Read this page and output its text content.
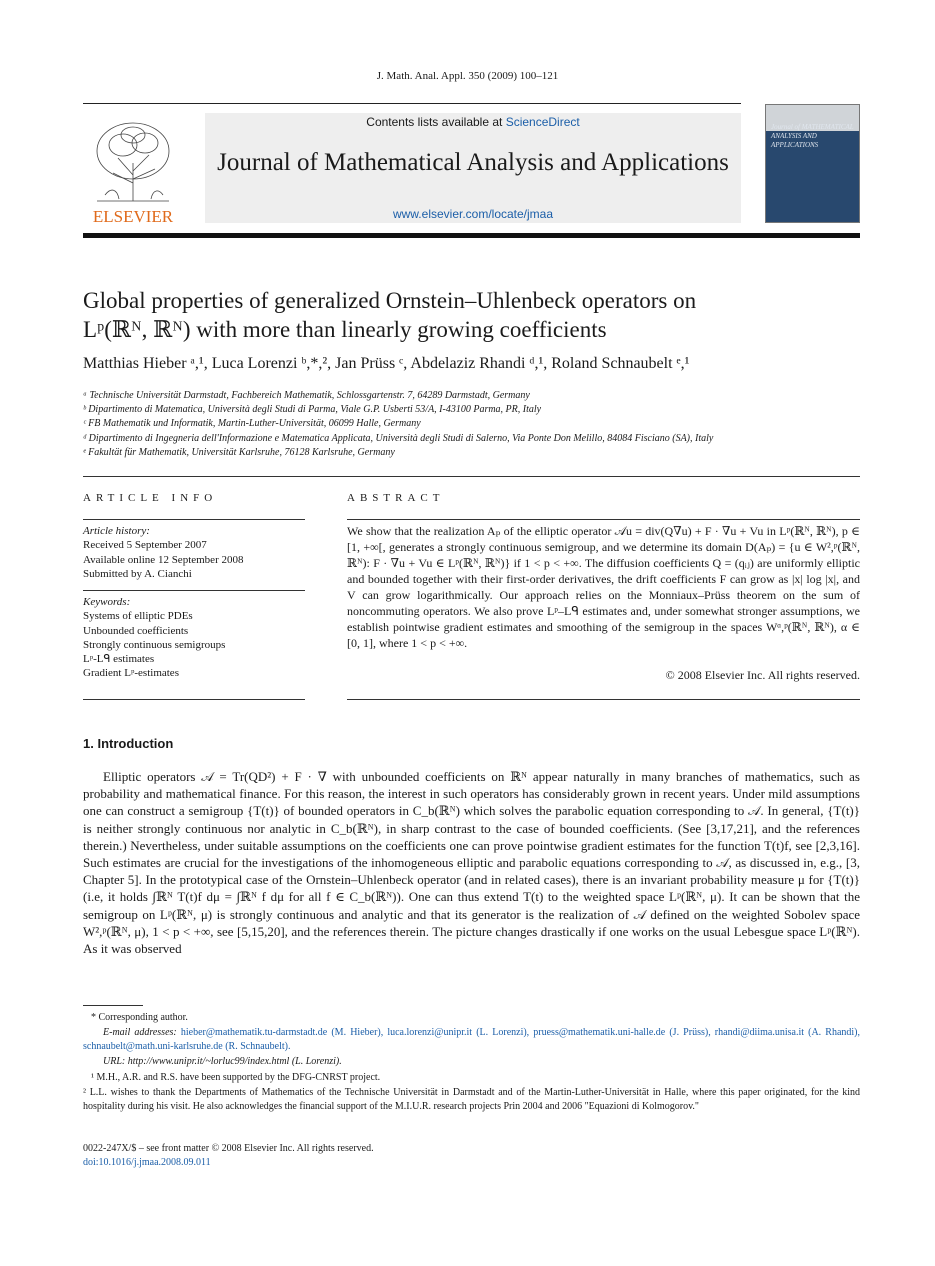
J. Math. Anal. Appl. 350 (2009) 100–121
ELSEVIER
Contents lists available at ScienceDirect
Journal of Mathematical Analysis and Applications
www.elsevier.com/locate/jmaa
Journal of MATHEMATICAL ANALYSIS AND APPLICATIONS
Global properties of generalized Ornstein–Uhlenbeck operators on
Lᵖ(ℝᴺ, ℝᴺ) with more than linearly growing coefficients
Matthias Hieber ᵃ,¹, Luca Lorenzi ᵇ,*,², Jan Prüss ᶜ, Abdelaziz Rhandi ᵈ,¹, Roland Schnaubelt ᵉ,¹
ᵃ Technische Universität Darmstadt, Fachbereich Mathematik, Schlossgartenstr. 7, 64289 Darmstadt, Germany
ᵇ Dipartimento di Matematica, Università degli Studi di Parma, Viale G.P. Usberti 53/A, I-43100 Parma, PR, Italy
ᶜ FB Mathematik und Informatik, Martin-Luther-Universität, 06099 Halle, Germany
ᵈ Dipartimento di Ingegneria dell'Informazione e Matematica Applicata, Università degli Studi di Salerno, Via Ponte Don Melillo, 84084 Fisciano (SA), Italy
ᵉ Fakultät für Mathematik, Universität Karlsruhe, 76128 Karlsruhe, Germany
ARTICLE INFO
Article history:
Received 5 September 2007
Available online 12 September 2008
Submitted by A. Cianchi
Keywords:
Systems of elliptic PDEs
Unbounded coefficients
Strongly continuous semigroups
Lᵖ-Lᑫ estimates
Gradient Lᵖ-estimates
ABSTRACT
We show that the realization Aₚ of the elliptic operator 𝒜u = div(Q∇u) + F · ∇u + Vu in Lᵖ(ℝᴺ, ℝᴺ), p ∈ [1, +∞[, generates a strongly continuous semigroup, and we determine its domain D(Aₚ) = {u ∈ W²,ᵖ(ℝᴺ, ℝᴺ): F · ∇u + Vu ∈ Lᵖ(ℝᴺ, ℝᴺ)} if 1 < p < +∞. The diffusion coefficients Q = (qᵢⱼ) are uniformly elliptic and bounded together with their first-order derivatives, the drift coefficients F can grow as |x| log |x|, and V can grow logarithmically. Our approach relies on the Monniaux–Prüss theorem on the sum of noncommuting operators. We also prove Lᵖ–Lᑫ estimates and, under somewhat stronger assumptions, we establish pointwise gradient estimates and smoothing of the semigroup in the spaces Wᵅ,ᵖ(ℝᴺ, ℝᴺ), α ∈ [0, 1], where 1 < p < +∞.
© 2008 Elsevier Inc. All rights reserved.
1. Introduction
Elliptic operators 𝒜 = Tr(QD²) + F · ∇ with unbounded coefficients on ℝᴺ appear naturally in many branches of mathematics, such as probability and mathematical finance. For this reason, the interest in such operators has considerably grown in recent years. Under mild assumptions one can construct a semigroup {T(t)} of bounded operators in C_b(ℝᴺ) which solves the parabolic equation corresponding to 𝒜. In general, {T(t)} is neither strongly continuous nor analytic in C_b(ℝᴺ), in sharp contrast to the case of bounded coefficients. (See [3,17,21], and the references therein.) Nevertheless, under suitable assumptions on the coefficients one can prove pointwise gradient estimates for the function T(t)f, see [2,3,16]. Such estimates are crucial for the investigations of the inhomogeneous elliptic and parabolic equations corresponding to 𝒜, as discussed in, e.g., [3, Chapter 5]. In the prototypical case of the Ornstein–Uhlenbeck operator (and in related cases), there is an invariant probability measure μ for {T(t)} (i.e, it holds ∫ℝᴺ T(t)f dμ = ∫ℝᴺ f dμ for all f ∈ C_b(ℝᴺ)). One can thus extend T(t) to the weighted space Lᵖ(ℝᴺ, μ). It can be shown that the semigroup on Lᵖ(ℝᴺ, μ) is strongly continuous and analytic and that its generator is the realization of 𝒜 defined on the weighted Sobolev space W²,ᵖ(ℝᴺ, μ), 1 < p < +∞, see [5,15,20], and the references therein. The picture changes drastically if one works on the usual Lebesgue space Lᵖ(ℝᴺ). As it was observed
* Corresponding author.
E-mail addresses: hieber@mathematik.tu-darmstadt.de (M. Hieber), luca.lorenzi@unipr.it (L. Lorenzi), pruess@mathematik.uni-halle.de (J. Prüss), rhandi@diima.unisa.it (A. Rhandi), schnaubelt@math.uni-karlsruhe.de (R. Schnaubelt).
URL: http://www.unipr.it/~lorluc99/index.html (L. Lorenzi).
¹ M.H., A.R. and R.S. have been supported by the DFG-CNRST project.
² L.L. wishes to thank the Departments of Mathematics of the Technische Universität in Darmstadt and of the Martin-Luther-Universität in Halle, where this paper originated, for the kind hospitality during his visit. He also acknowledges the financial support of the M.I.U.R. research projects Prin 2004 and 2006 "Equazioni di Kolmogorov."
0022-247X/$ – see front matter © 2008 Elsevier Inc. All rights reserved.
doi:10.1016/j.jmaa.2008.09.011
